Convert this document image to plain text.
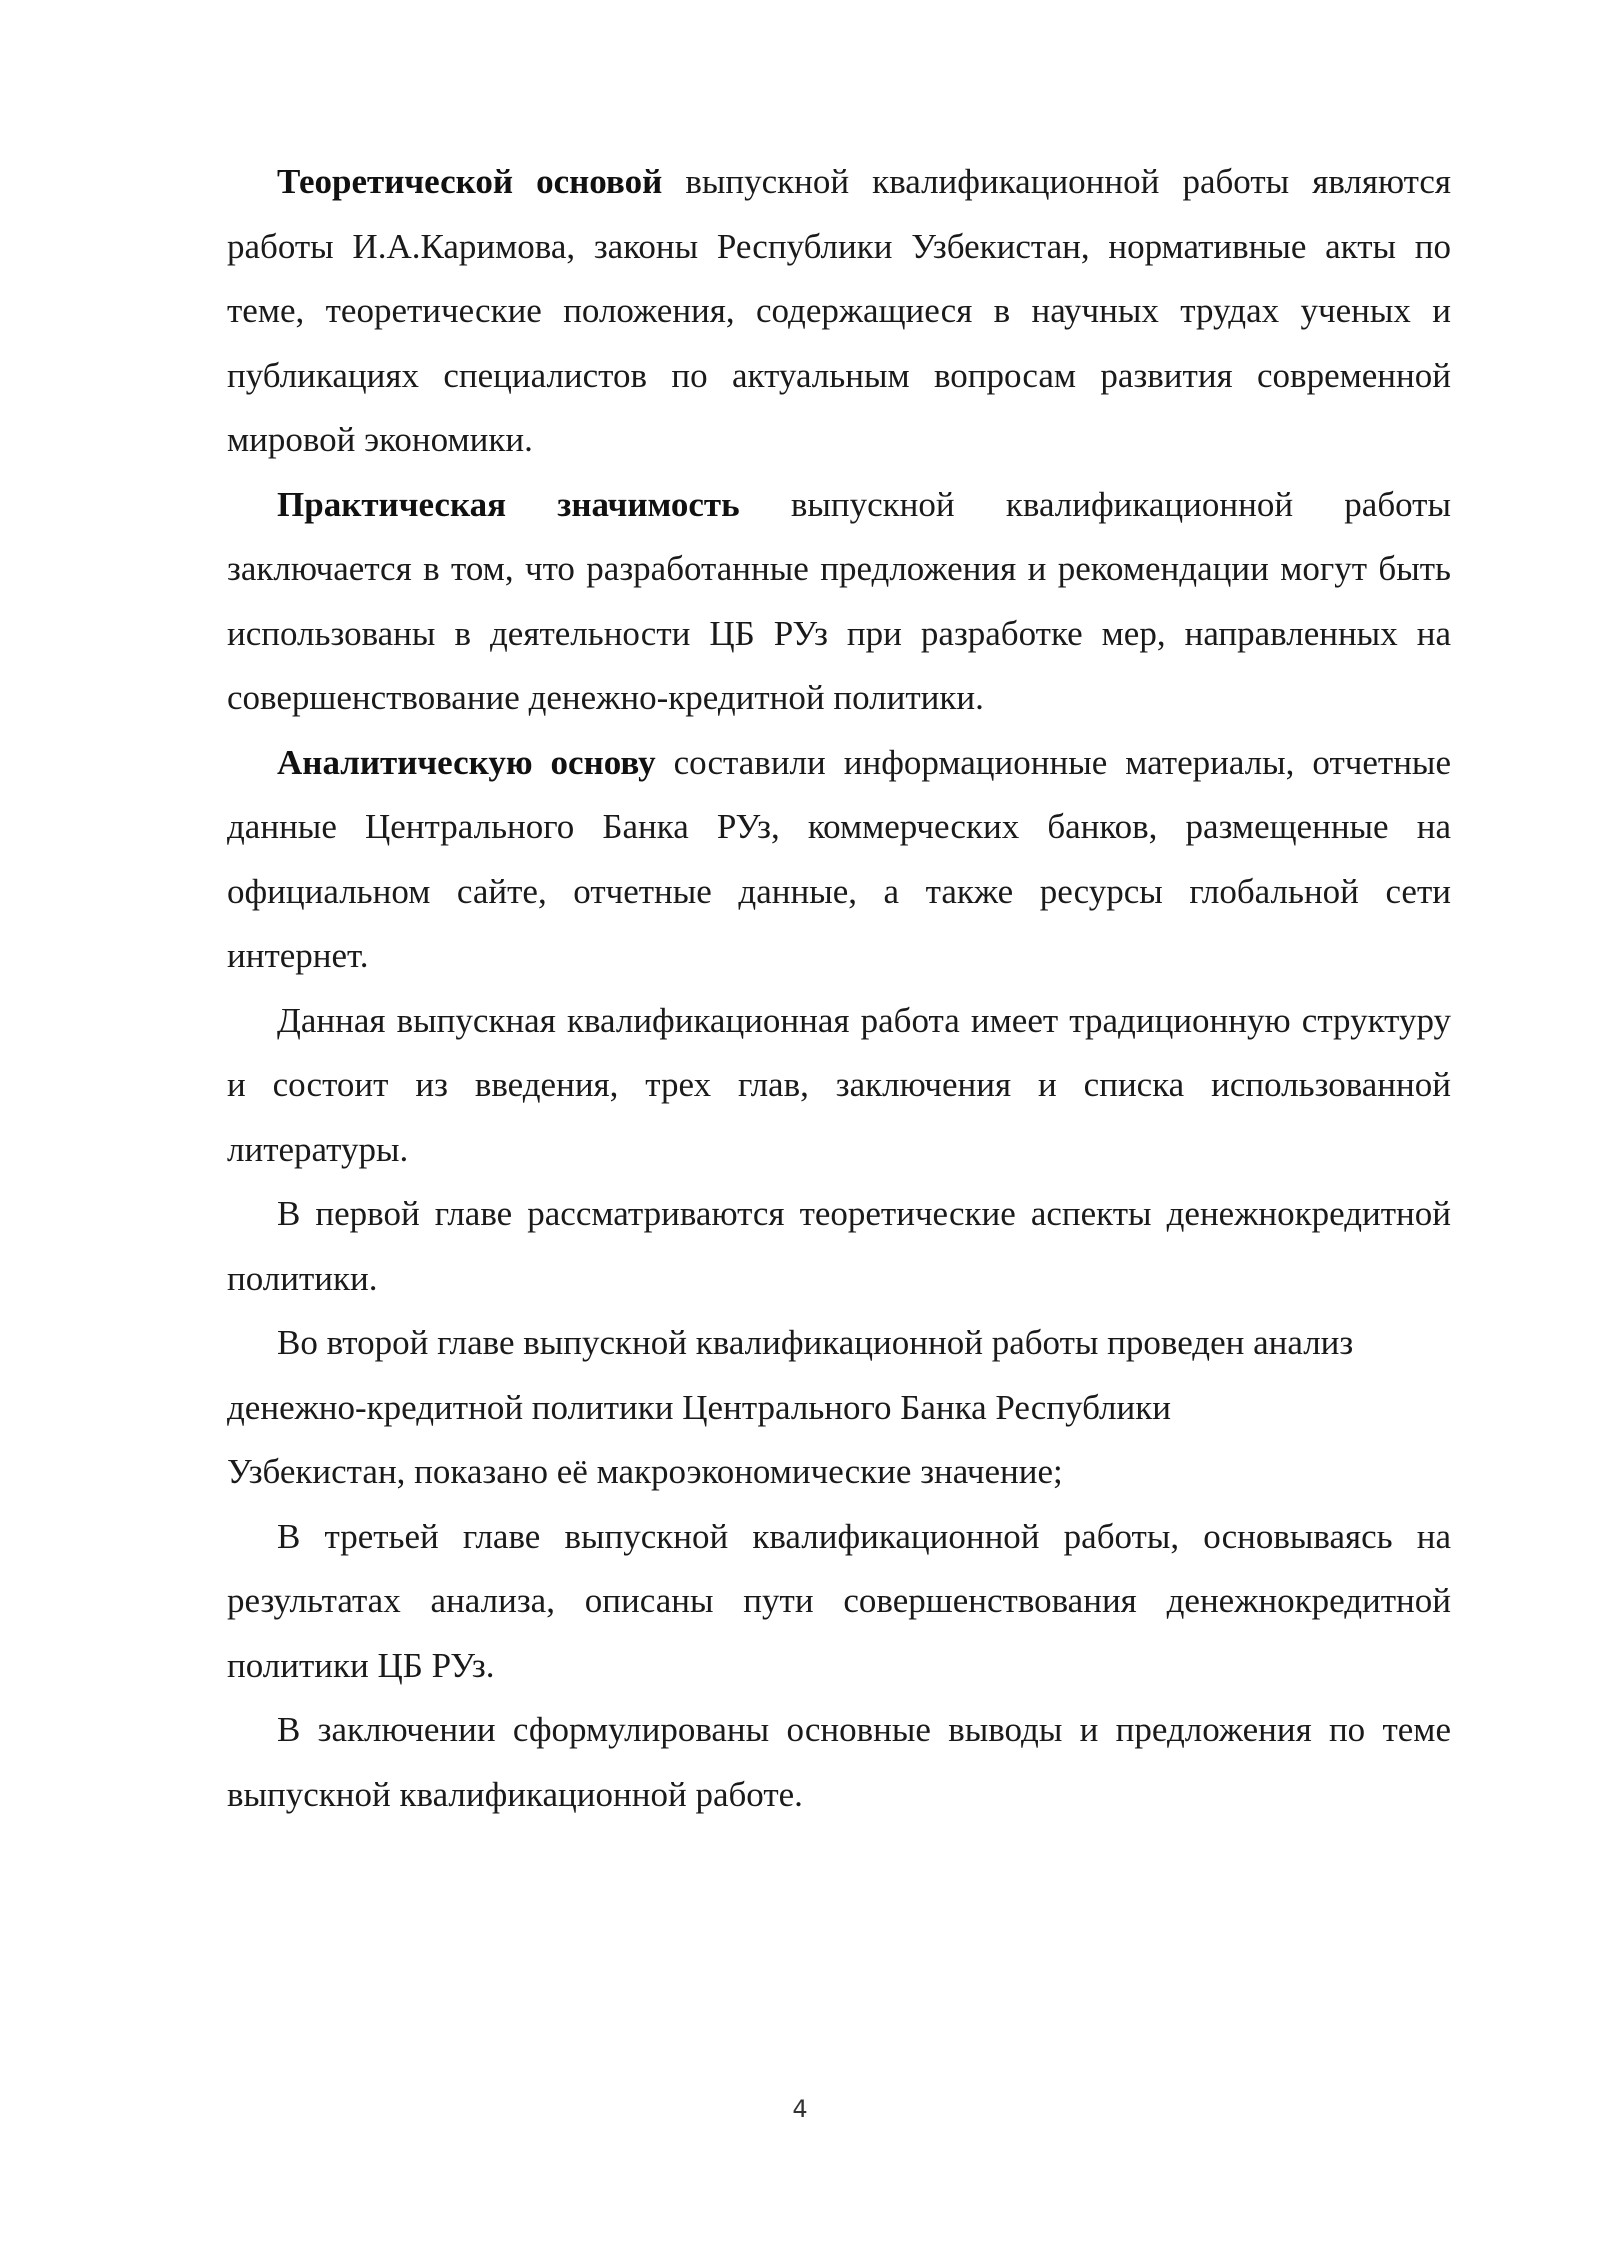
Теоретической основой выпускной квалификационной работы являются работы И.А.Каримова, законы Республики Узбекистан, нормативные акты по теме, теоретические положения, содержащиеся в научных трудах ученых и публикациях специалистов по актуальным вопросам развития современной мировой экономики.

Практическая значимость выпускной квалификационной работы заключается в том, что разработанные предложения и рекомендации могут быть использованы в деятельности ЦБ РУз при разработке мер, направленных на совершенствование денежно-кредитной политики.

Аналитическую основу составили информационные материалы, отчетные данные Центрального Банка РУз, коммерческих банков, размещенные на официальном сайте, отчетные данные, а также ресурсы глобальной сети интернет.

Данная выпускная квалификационная работа имеет традиционную структуру и состоит из введения, трех глав, заключения и списка использованной литературы.

В первой главе рассматриваются теоретические аспекты денежнокредитной политики.

Во второй главе выпускной квалификационной работы проведен анализ
денежно-кредитной политики Центрального Банка Республики
Узбекистан, показано её макроэкономические значение;

В третьей главе выпускной квалификационной работы, основываясь на результатах анализа, описаны пути совершенствования денежнокредитной политики ЦБ РУз.

В заключении сформулированы основные выводы и предложения по теме выпускной квалификационной работе.

4
